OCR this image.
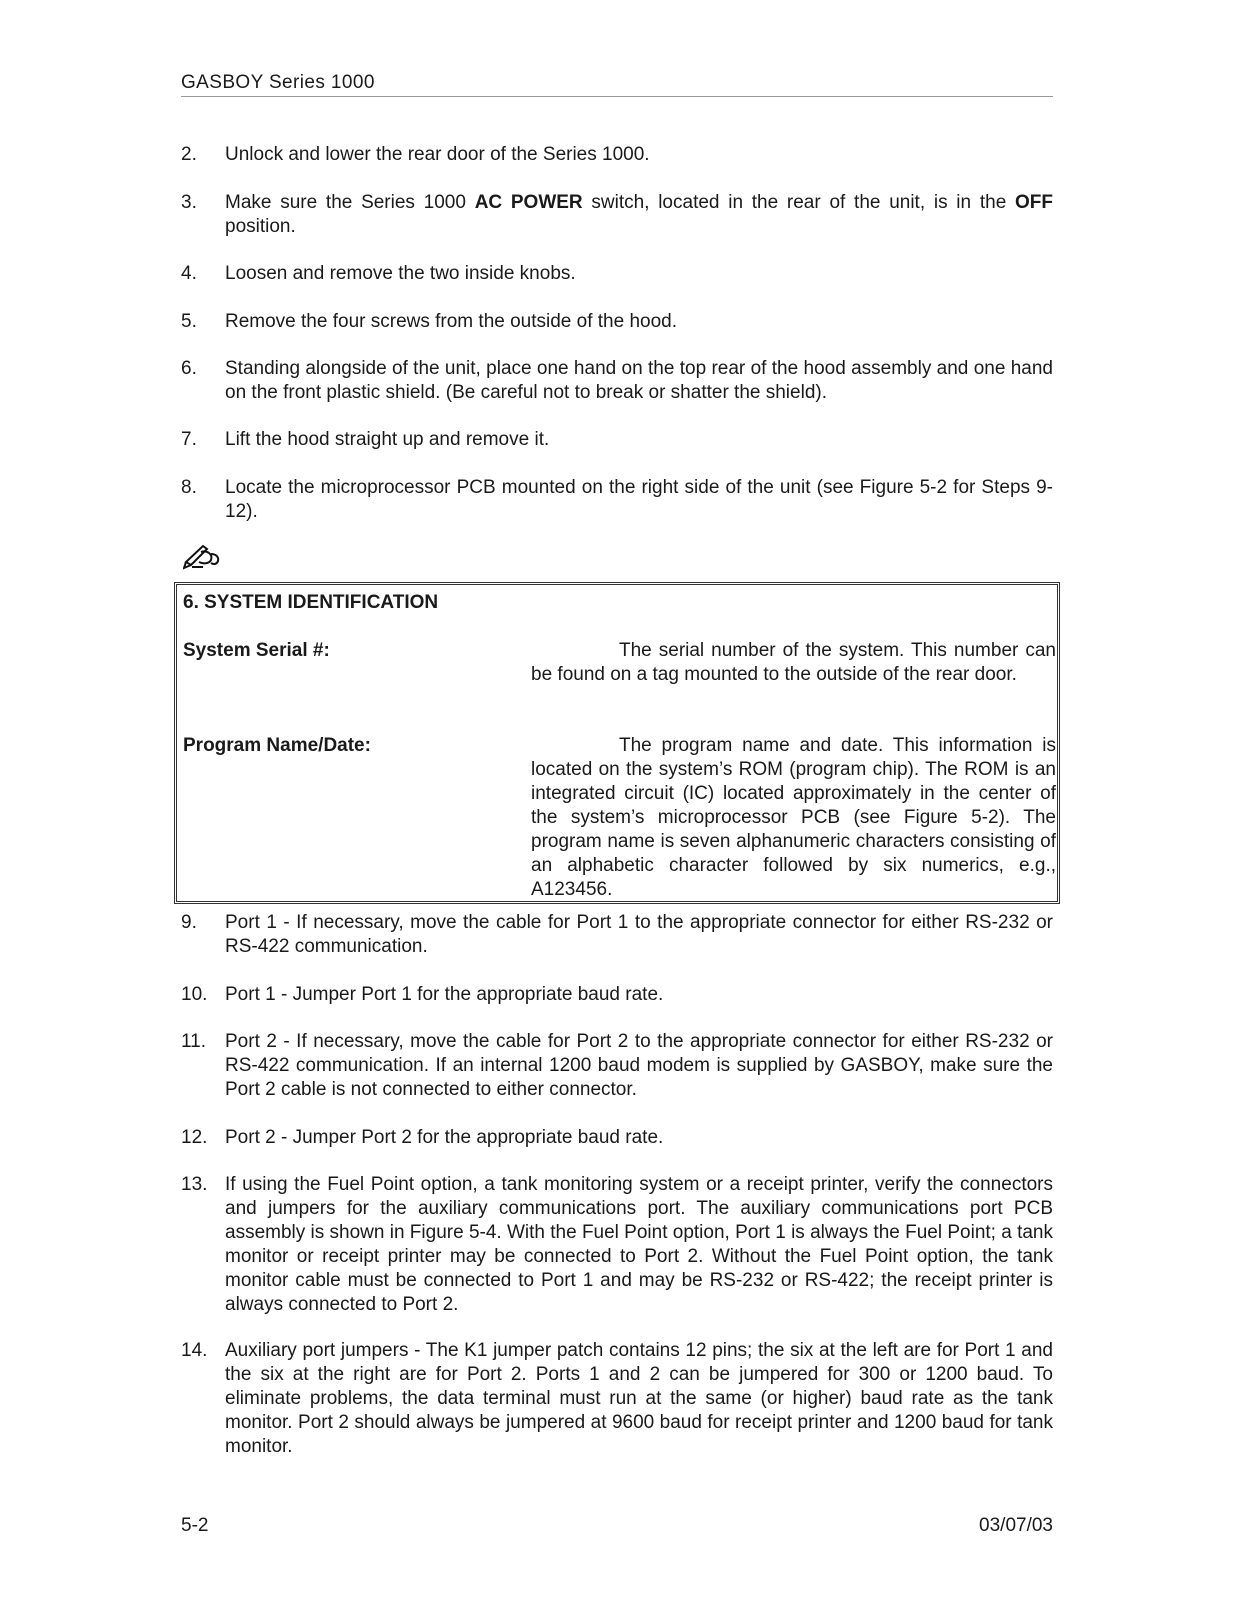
GASBOY Series 1000
2. Unlock and lower the rear door of the Series 1000.
3. Make sure the Series 1000 AC POWER switch, located in the rear of the unit, is in the OFF position.
4. Loosen and remove the two inside knobs.
5. Remove the four screws from the outside of the hood.
6. Standing alongside of the unit, place one hand on the top rear of the hood assembly and one hand on the front plastic shield. (Be careful not to break or shatter the shield).
7. Lift the hood straight up and remove it.
8. Locate the microprocessor PCB mounted on the right side of the unit (see Figure 5-2 for Steps 9-12).
6. SYSTEM IDENTIFICATION
System Serial #:	The serial number of the system. This number can be found on a tag mounted to the outside of the rear door.
Program Name/Date:	The program name and date. This information is located on the system’s ROM (program chip). The ROM is an integrated circuit (IC) located approximately in the center of the system’s microprocessor PCB (see Figure 5-2). The program name is seven alphanumeric characters consisting of an alphabetic character followed by six numerics, e.g., A123456.
9. Port 1 - If necessary, move the cable for Port 1 to the appropriate connector for either RS-232 or RS-422 communication.
10. Port 1 - Jumper Port 1 for the appropriate baud rate.
11. Port 2 - If necessary, move the cable for Port 2 to the appropriate connector for either RS-232 or RS-422 communication. If an internal 1200 baud modem is supplied by GASBOY, make sure the Port 2 cable is not connected to either connector.
12. Port 2 - Jumper Port 2 for the appropriate baud rate.
13. If using the Fuel Point option, a tank monitoring system or a receipt printer, verify the connectors and jumpers for the auxiliary communications port. The auxiliary communications port PCB assembly is shown in Figure 5-4. With the Fuel Point option, Port 1 is always the Fuel Point; a tank monitor or receipt printer may be connected to Port 2. Without the Fuel Point option, the tank monitor cable must be connected to Port 1 and may be RS-232 or RS-422; the receipt printer is always connected to Port 2.
14. Auxiliary port jumpers - The K1 jumper patch contains 12 pins; the six at the left are for Port 1 and the six at the right are for Port 2. Ports 1 and 2 can be jumpered for 300 or 1200 baud. To eliminate problems, the data terminal must run at the same (or higher) baud rate as the tank monitor. Port 2 should always be jumpered at 9600 baud for receipt printer and 1200 baud for tank monitor.
5-2	03/07/03
